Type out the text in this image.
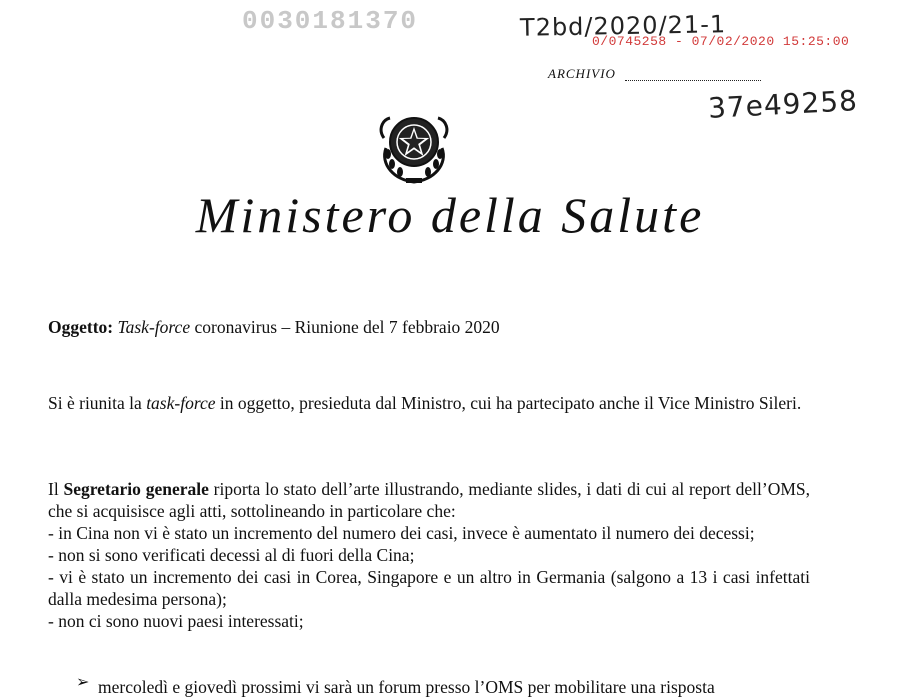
0030181370	T2bd/2020/21-1
0/0745258 - 07/02/2020 15:25:00
ARCHIVIO
37e49258
Ministero della Salute
Oggetto: Task-force coronavirus – Riunione del 7 febbraio 2020
Si è riunita la task-force in oggetto, presieduta dal Ministro, cui ha partecipato anche il Vice Ministro Sileri.
Il Segretario generale riporta lo stato dell’arte illustrando, mediante slides, i dati di cui al report dell’OMS, che si acquisisce agli atti, sottolineando in particolare che:
- in Cina non vi è stato un incremento del numero dei casi, invece è aumentato il numero dei decessi;
- non si sono verificati decessi al di fuori della Cina;
- vi è stato un incremento dei casi in Corea, Singapore e un altro in Germania (salgono a 13 i casi infettati dalla medesima persona);
- non ci sono nuovi paesi interessati;
➢ mercoledì e giovedì prossimi vi sarà un forum presso l’OMS per mobilitare una risposta
